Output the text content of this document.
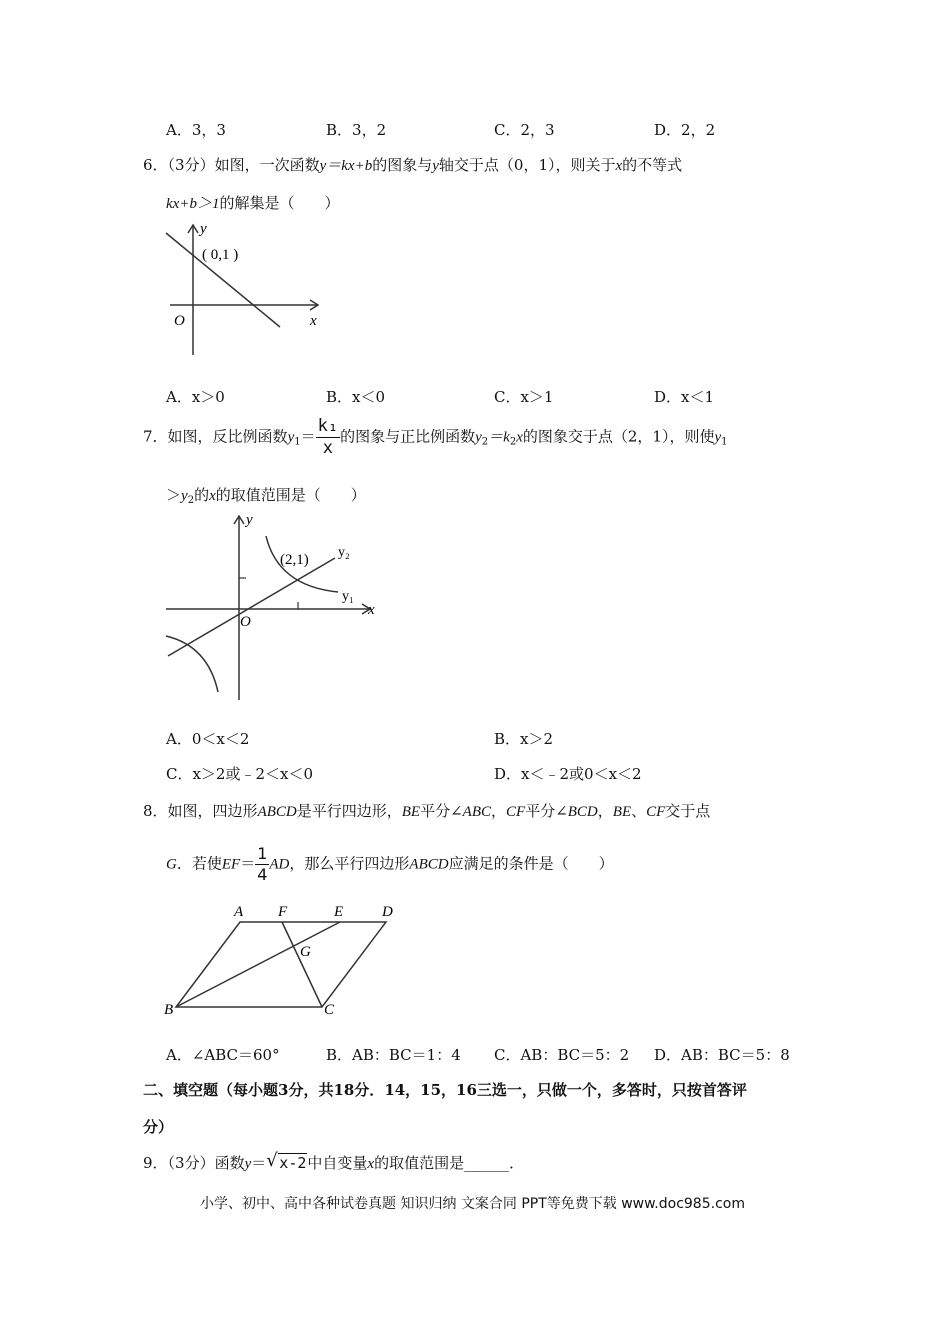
A．3，3	B．3，2	C．2，3	D．2，2
6．（3分）如图，一次函数y＝kx+b的图象与y轴交于点（0，1），则关于x的不等式
kx+b＞1的解集是（　　）
y
x
O
( 0,1 )
A．x＞0	B．x＜0	C．x＞1	D．x＜1
7．如图，反比例函数$y_1= \frac{\text{k₁}}{x}$ 的图象与正比例函数$y_2=k_2x$的图象交于点（2，1），则使$y_1$
$>y_2$的x的取值范围是（　　）
y
x
O
(2,1) y₂
y₁
A．0＜x＜2	B．x＞2
C．x＞2或﹣2＜x＜0	D．x＜﹣2或0＜x＜2
8．如图，四边形ABCD是平行四边形，BE平分∠ABC，CF平分∠BCD，BE、CF交于点
G．若使$EF= \frac{1}{4}$ AD，那么平行四边形ABCD应满足的条件是（　　）
A F	E	D
G
B	C
A．∠ABC＝60°	B．AB：BC＝1：4 C．AB：BC＝5：2 D．AB：BC＝5：8
二、填空题（每小题3分，共18分．14，15，16三选一，只做一个，多答时，只按首答评
分）
9．（3分）函数y＝ √ x-2中自变量x的取值范围是______．
小学、初中、高中各种试卷真题 知识归纳 文案合同 PPT等免费下载 www.doc985.com
